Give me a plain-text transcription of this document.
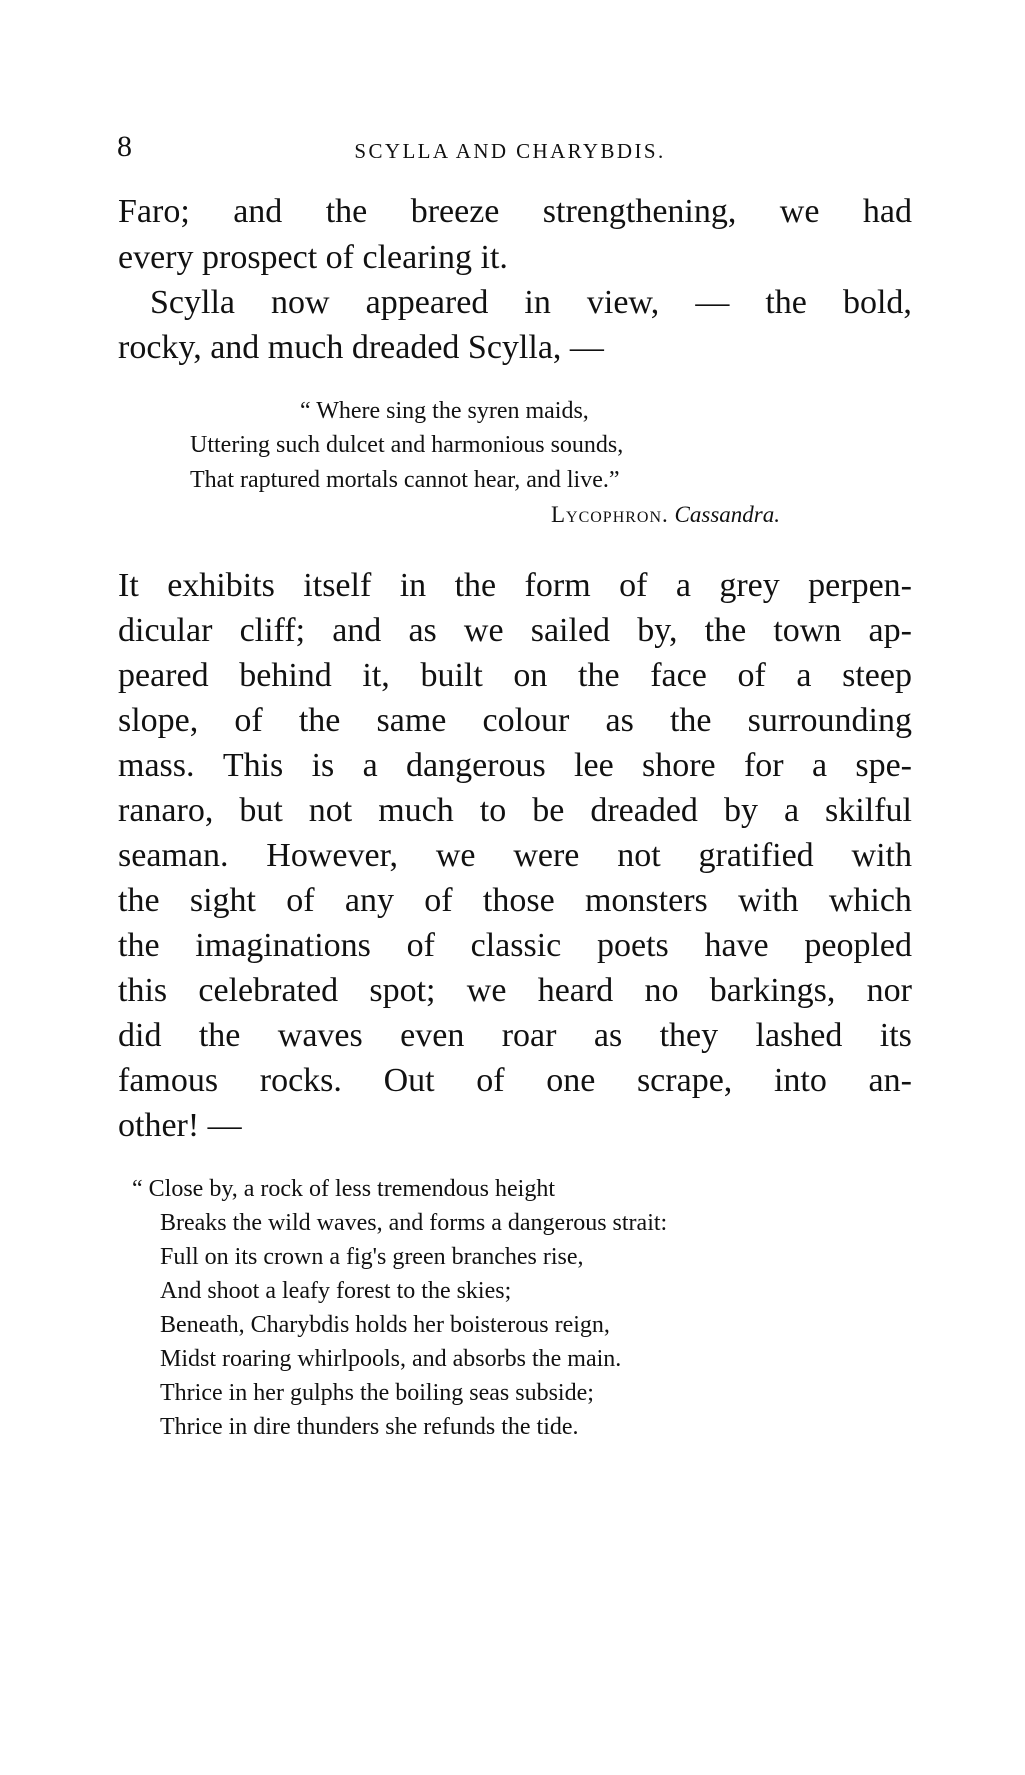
8	SCYLLA AND CHARYBDIS.
Faro; and the breeze strengthening, we had
every prospect of clearing it.
Scylla now appeared in view, — the bold,
rocky, and much dreaded Scylla, —
“ Where sing the syren maids,
Uttering such dulcet and harmonious sounds,
That raptured mortals cannot hear, and live.”
Lycophron. Cassandra.
It exhibits itself in the form of a grey perpen-
dicular cliff; and as we sailed by, the town ap-
peared behind it, built on the face of a steep
slope, of the same colour as the surrounding
mass. This is a dangerous lee shore for a spe-
ranaro, but not much to be dreaded by a skilful
seaman. However, we were not gratified with
the sight of any of those monsters with which
the imaginations of classic poets have peopled
this celebrated spot; we heard no barkings, nor
did the waves even roar as they lashed its
famous rocks. Out of one scrape, into an-
other! —
“ Close by, a rock of less tremendous height
Breaks the wild waves, and forms a dangerous strait:
Full on its crown a fig's green branches rise,
And shoot a leafy forest to the skies;
Beneath, Charybdis holds her boisterous reign,
Midst roaring whirlpools, and absorbs the main.
Thrice in her gulphs the boiling seas subside;
Thrice in dire thunders she refunds the tide.
